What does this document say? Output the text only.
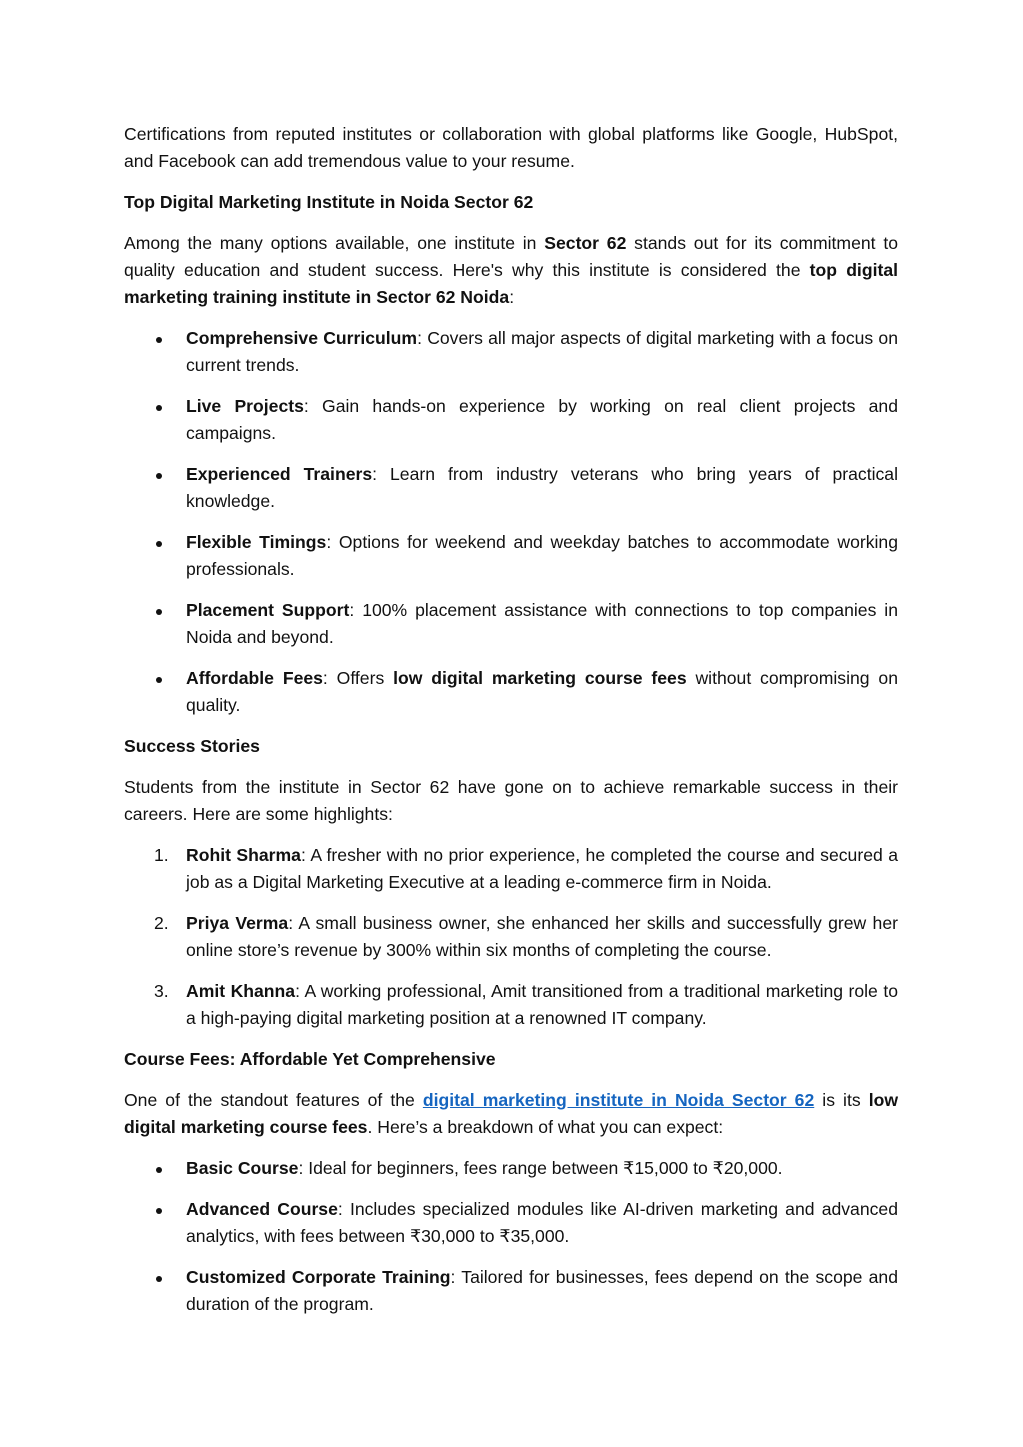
Certifications from reputed institutes or collaboration with global platforms like Google, HubSpot, and Facebook can add tremendous value to your resume.

Top Digital Marketing Institute in Noida Sector 62

Among the many options available, one institute in Sector 62 stands out for its commitment to quality education and student success. Here's why this institute is considered the top digital marketing training institute in Sector 62 Noida:

Comprehensive Curriculum: Covers all major aspects of digital marketing with a focus on current trends.
Live Projects: Gain hands-on experience by working on real client projects and campaigns.
Experienced Trainers: Learn from industry veterans who bring years of practical knowledge.
Flexible Timings: Options for weekend and weekday batches to accommodate working professionals.
Placement Support: 100% placement assistance with connections to top companies in Noida and beyond.
Affordable Fees: Offers low digital marketing course fees without compromising on quality.
Success Stories

Students from the institute in Sector 62 have gone on to achieve remarkable success in their careers. Here are some highlights:

1. Rohit Sharma: A fresher with no prior experience, he completed the course and secured a job as a Digital Marketing Executive at a leading e-commerce firm in Noida.
2. Priya Verma: A small business owner, she enhanced her skills and successfully grew her online store’s revenue by 300% within six months of completing the course.
3. Amit Khanna: A working professional, Amit transitioned from a traditional marketing role to a high-paying digital marketing position at a renowned IT company.
Course Fees: Affordable Yet Comprehensive

One of the standout features of the digital marketing institute in Noida Sector 62 is its low digital marketing course fees. Here’s a breakdown of what you can expect:

Basic Course: Ideal for beginners, fees range between ₹15,000 to ₹20,000.
Advanced Course: Includes specialized modules like AI-driven marketing and advanced analytics, with fees between ₹30,000 to ₹35,000.
Customized Corporate Training: Tailored for businesses, fees depend on the scope and duration of the program.
